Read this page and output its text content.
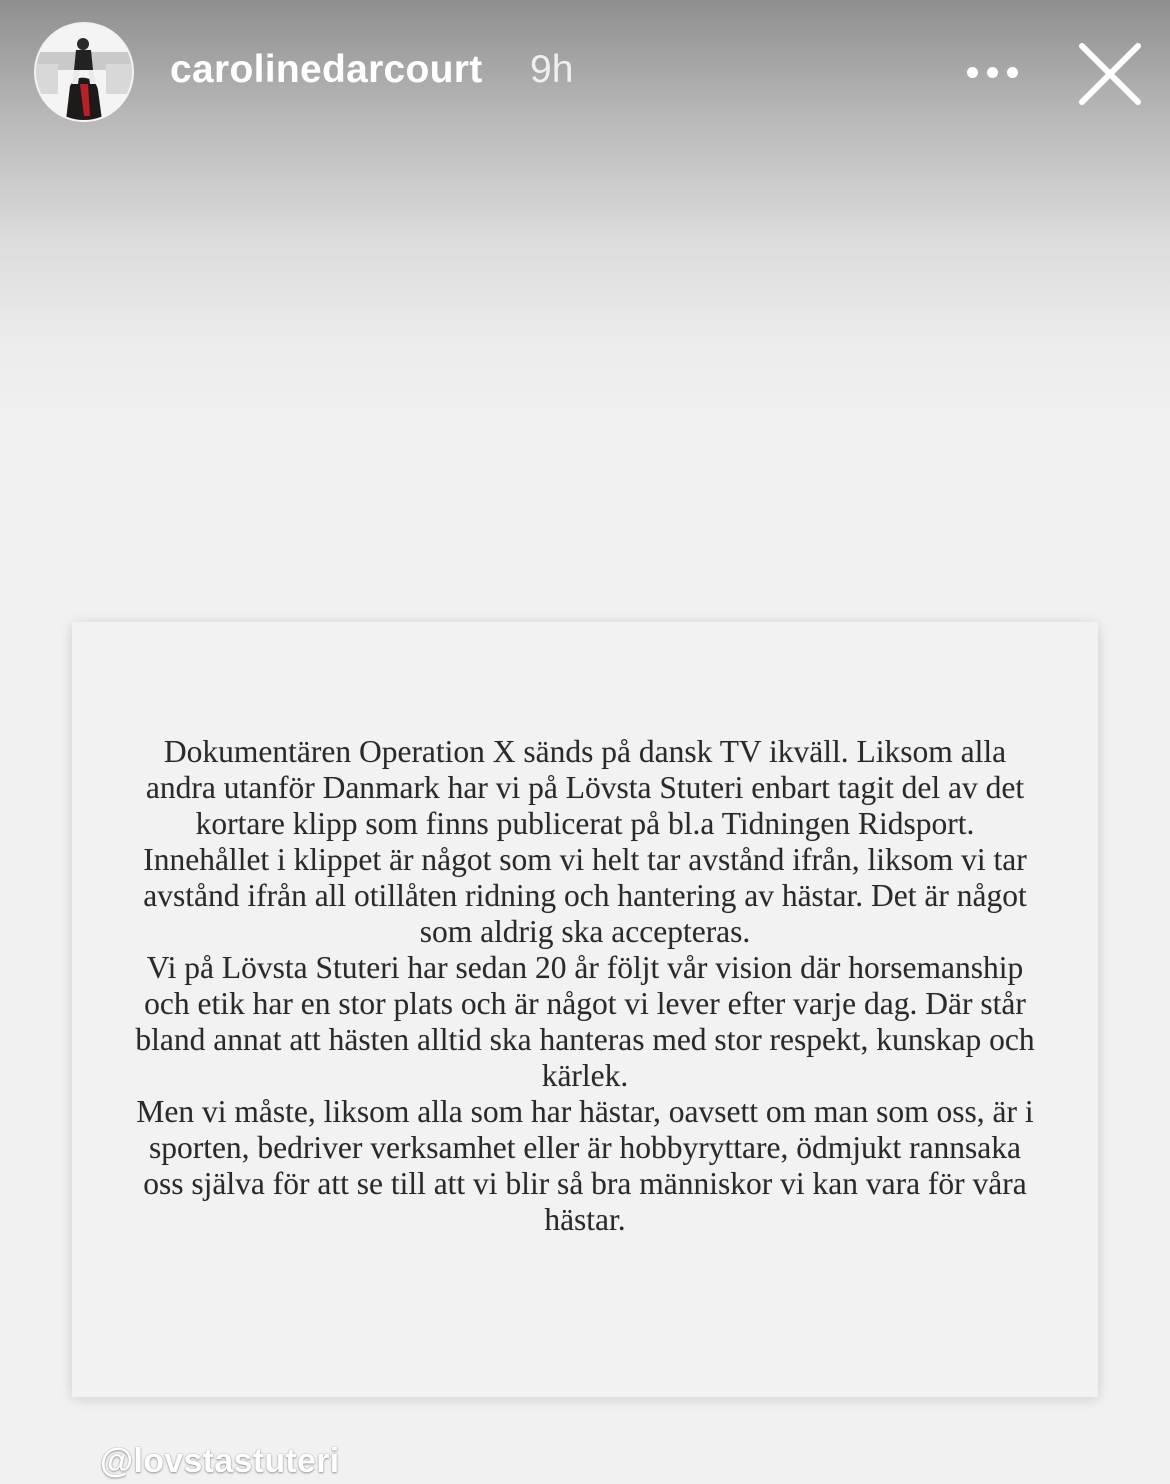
carolinedarcourt 9h

Dokumentären Operation X sänds på dansk TV ikväll. Liksom alla andra utanför Danmark har vi på Lövsta Stuteri enbart tagit del av det kortare klipp som finns publicerat på bl.a Tidningen Ridsport. Innehållet i klippet är något som vi helt tar avstånd ifrån, liksom vi tar avstånd ifrån all otillåten ridning och hantering av hästar. Det är något som aldrig ska accepteras.

Vi på Lövsta Stuteri har sedan 20 år följt vår vision där horsemanship och etik har en stor plats och är något vi lever efter varje dag. Där står bland annat att hästen alltid ska hanteras med stor respekt, kunskap och kärlek.

Men vi måste, liksom alla som har hästar, oavsett om man som oss, är i sporten, bedriver verksamhet eller är hobbyryttare, ödmjukt rannsaka oss själva för att se till att vi blir så bra människor vi kan vara för våra hästar.

@lovstastuteri
